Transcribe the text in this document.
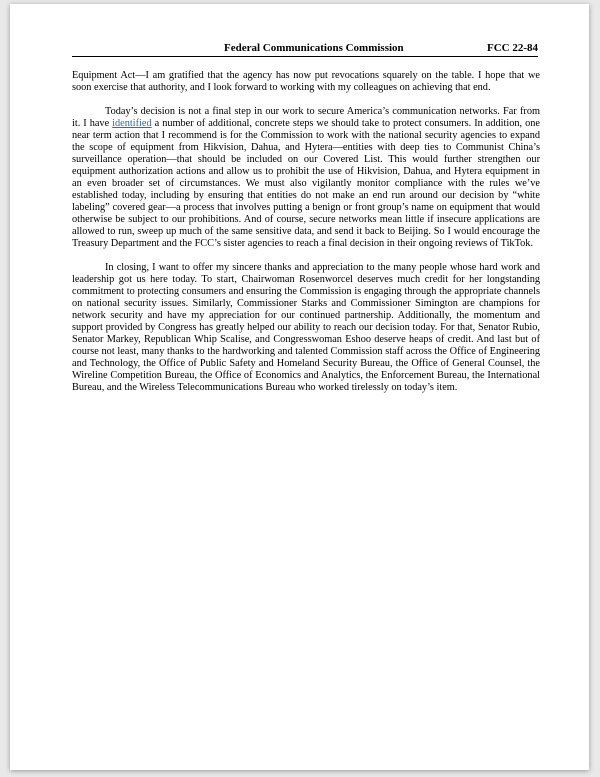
Federal Communications Commission	FCC 22-84

Equipment Act—I am gratified that the agency has now put revocations squarely on the table. I hope that we soon exercise that authority, and I look forward to working with my colleagues on achieving that end.

Today’s decision is not a final step in our work to secure America’s communication networks. Far from it. I have identified a number of additional, concrete steps we should take to protect consumers. In addition, one near term action that I recommend is for the Commission to work with the national security agencies to expand the scope of equipment from Hikvision, Dahua, and Hytera—entities with deep ties to Communist China’s surveillance operation—that should be included on our Covered List. This would further strengthen our equipment authorization actions and allow us to prohibit the use of Hikvision, Dahua, and Hytera equipment in an even broader set of circumstances. We must also vigilantly monitor compliance with the rules we’ve established today, including by ensuring that entities do not make an end run around our decision by “white labeling” covered gear—a process that involves putting a benign or front group’s name on equipment that would otherwise be subject to our prohibitions. And of course, secure networks mean little if insecure applications are allowed to run, sweep up much of the same sensitive data, and send it back to Beijing. So I would encourage the Treasury Department and the FCC’s sister agencies to reach a final decision in their ongoing reviews of TikTok.

In closing, I want to offer my sincere thanks and appreciation to the many people whose hard work and leadership got us here today. To start, Chairwoman Rosenworcel deserves much credit for her longstanding commitment to protecting consumers and ensuring the Commission is engaging through the appropriate channels on national security issues. Similarly, Commissioner Starks and Commissioner Simington are champions for network security and have my appreciation for our continued partnership. Additionally, the momentum and support provided by Congress has greatly helped our ability to reach our decision today. For that, Senator Rubio, Senator Markey, Republican Whip Scalise, and Congresswoman Eshoo deserve heaps of credit. And last but of course not least, many thanks to the hardworking and talented Commission staff across the Office of Engineering and Technology, the Office of Public Safety and Homeland Security Bureau, the Office of General Counsel, the Wireline Competition Bureau, the Office of Economics and Analytics, the Enforcement Bureau, the International Bureau, and the Wireless Telecommunications Bureau who worked tirelessly on today’s item.
